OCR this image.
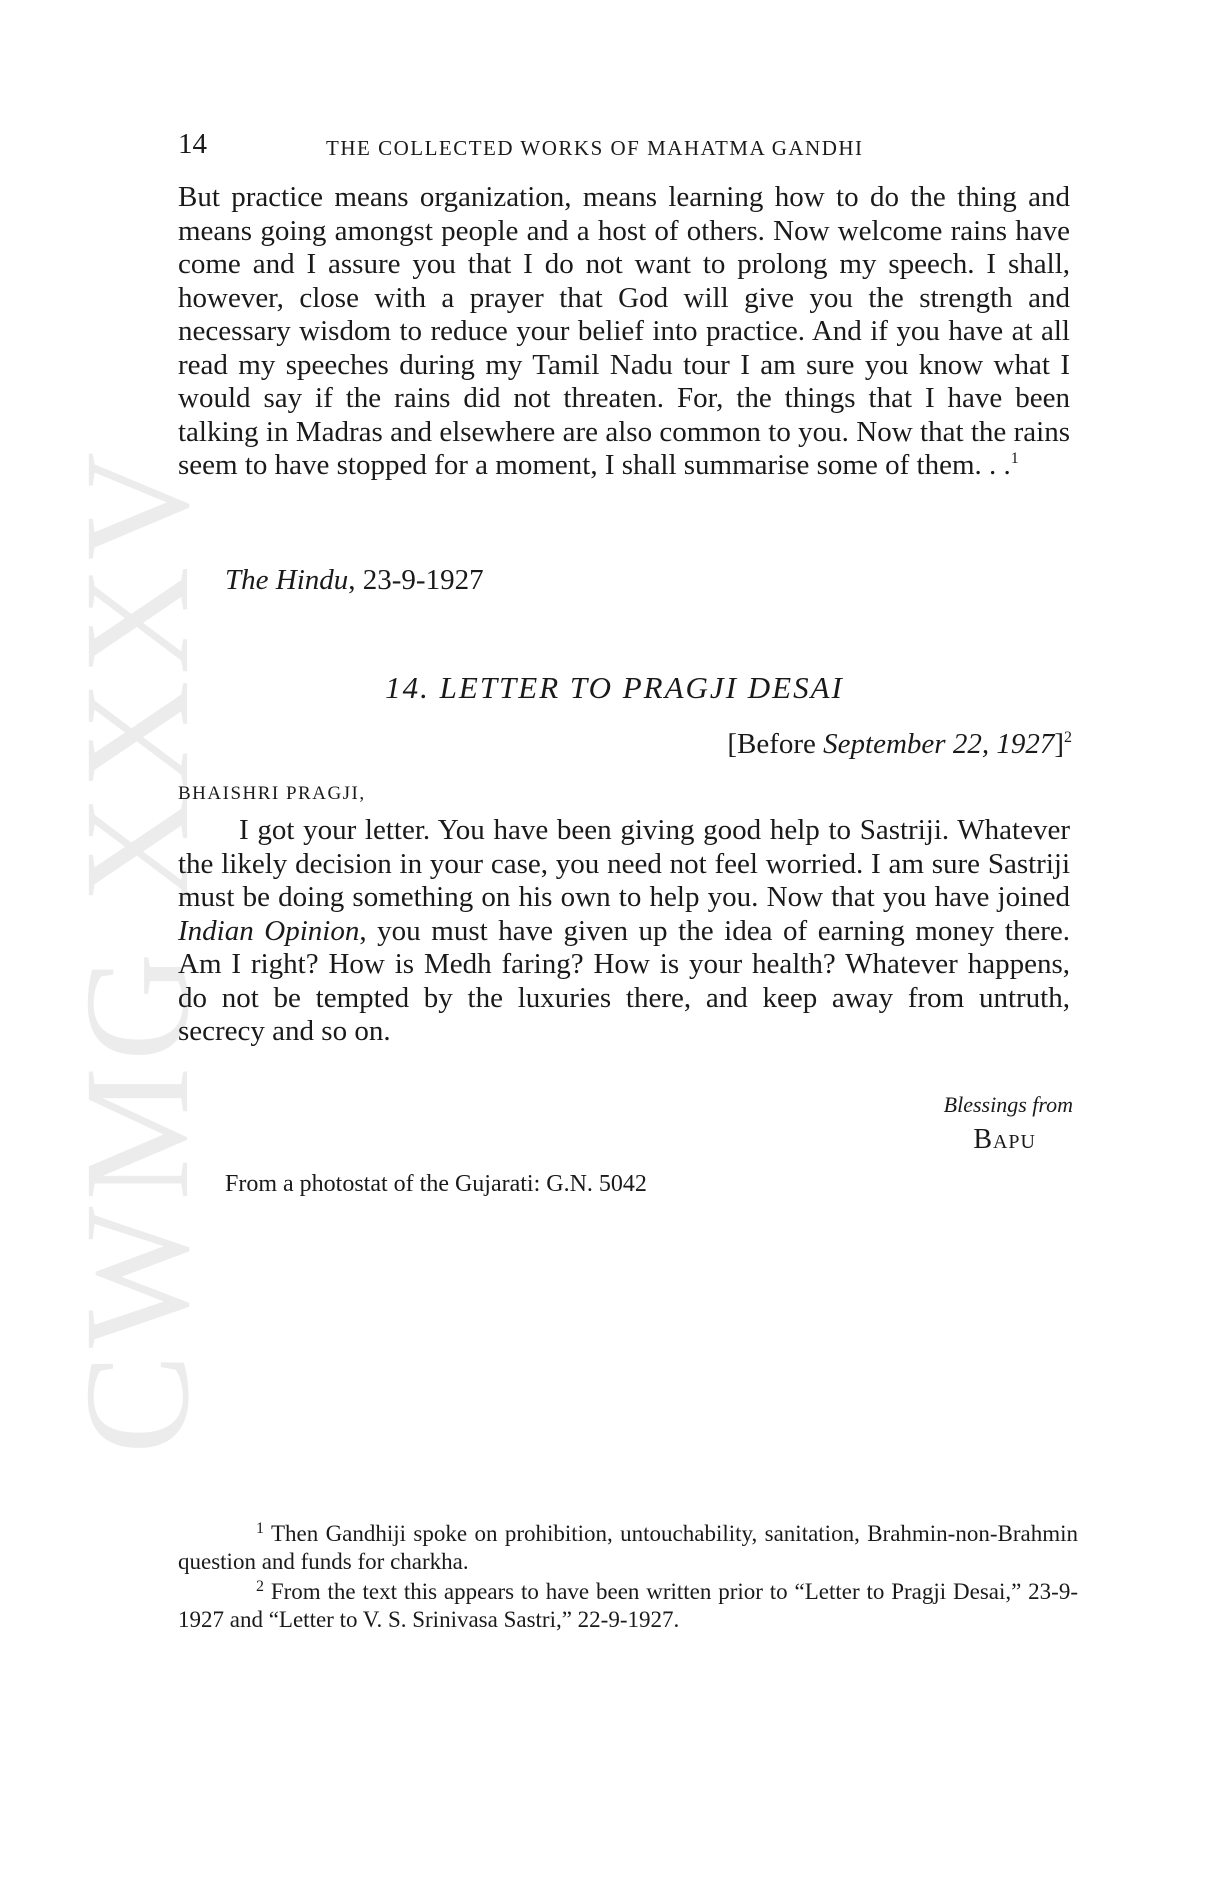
CWMG XXXV
14	THE COLLECTED WORKS OF MAHATMA GANDHI

But practice means organization, means learning how to do the thing and means going amongst people and a host of others. Now welcome rains have come and I assure you that I do not want to prolong my speech. I shall, however, close with a prayer that God will give you the strength and necessary wisdom to reduce your belief into practice. And if you have at all read my speeches during my Tamil Nadu tour I am sure you know what I would say if the rains did not threaten. For, the things that I have been talking in Madras and elsewhere are also common to you. Now that the rains seem to have stopped for a moment, I shall summarise some of them. . .$^1$

The Hindu, 23-9-1927

14. LETTER TO PRAGJI DESAI
[Before September 22, 1927]$^2$
BHAISHRI PRAGJI,

I got your letter. You have been giving good help to Sastriji. Whatever the likely decision in your case, you need not feel worried. I am sure Sastriji must be doing something on his own to help you. Now that you have joined Indian Opinion, you must have given up the idea of earning money there. Am I right? How is Medh faring? How is your health? Whatever happens, do not be tempted by the luxuries there, and keep away from untruth, secrecy and so on.

Blessings from
Bapu

From a photostat of the Gujarati: G.N. 5042

$^1$ Then Gandhiji spoke on prohibition, untouchability, sanitation, Brahmin-non-Brahmin question and funds for charkha.

$^2$ From the text this appears to have been written prior to “Letter to Pragji Desai,” 23-9-1927 and “Letter to V. S. Srinivasa Sastri,” 22-9-1927.
